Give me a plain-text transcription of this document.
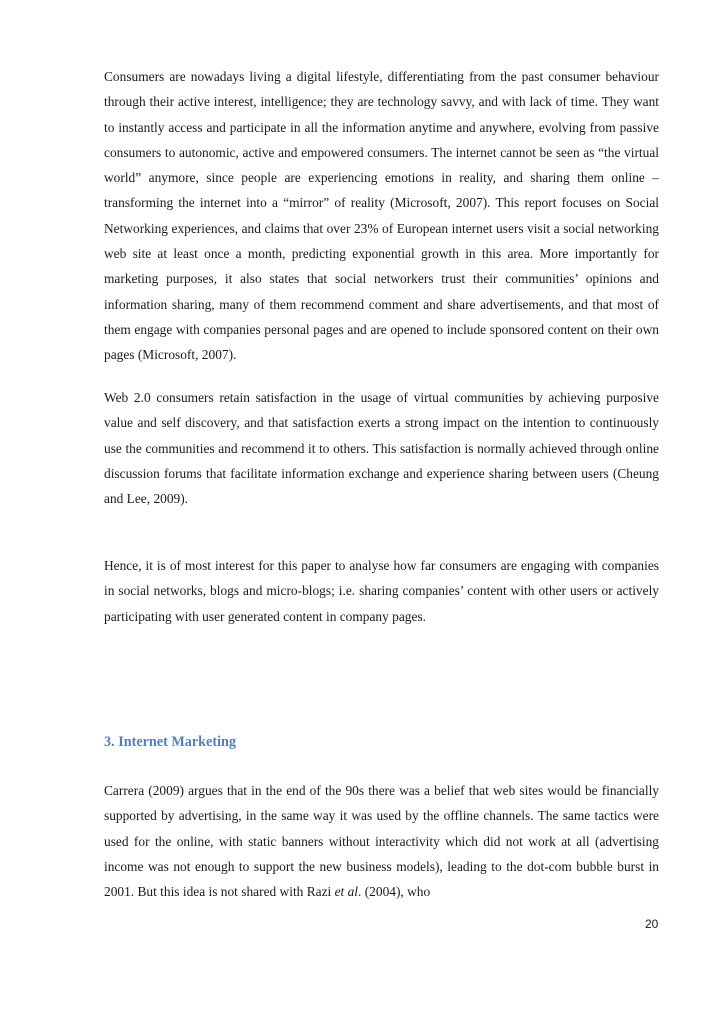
Consumers are nowadays living a digital lifestyle, differentiating from the past consumer behaviour through their active interest, intelligence; they are technology savvy, and with lack of time. They want to instantly access and participate in all the information anytime and anywhere, evolving from passive consumers to autonomic, active and empowered consumers. The internet cannot be seen as “the virtual world” anymore, since people are experiencing emotions in reality, and sharing them online – transforming the internet into a “mirror” of reality (Microsoft, 2007). This report focuses on Social Networking experiences, and claims that over 23% of European internet users visit a social networking web site at least once a month, predicting exponential growth in this area. More importantly for marketing purposes, it also states that social networkers trust their communities’ opinions and information sharing, many of them recommend comment and share advertisements, and that most of them engage with companies personal pages and are opened to include sponsored content on their own pages (Microsoft, 2007).

Web 2.0 consumers retain satisfaction in the usage of virtual communities by achieving purposive value and self discovery, and that satisfaction exerts a strong impact on the intention to continuously use the communities and recommend it to others. This satisfaction is normally achieved through online discussion forums that facilitate information exchange and experience sharing between users (Cheung and Lee, 2009).

Hence, it is of most interest for this paper to analyse how far consumers are engaging with companies in social networks, blogs and micro-blogs; i.e. sharing companies’ content with other users or actively participating with user generated content in company pages.

3. Internet Marketing

Carrera (2009) argues that in the end of the 90s there was a belief that web sites would be financially supported by advertising, in the same way it was used by the offline channels. The same tactics were used for the online, with static banners without interactivity which did not work at all (advertising income was not enough to support the new business models), leading to the dot-com bubble burst in 2001. But this idea is not shared with Razi et al. (2004), who

20
